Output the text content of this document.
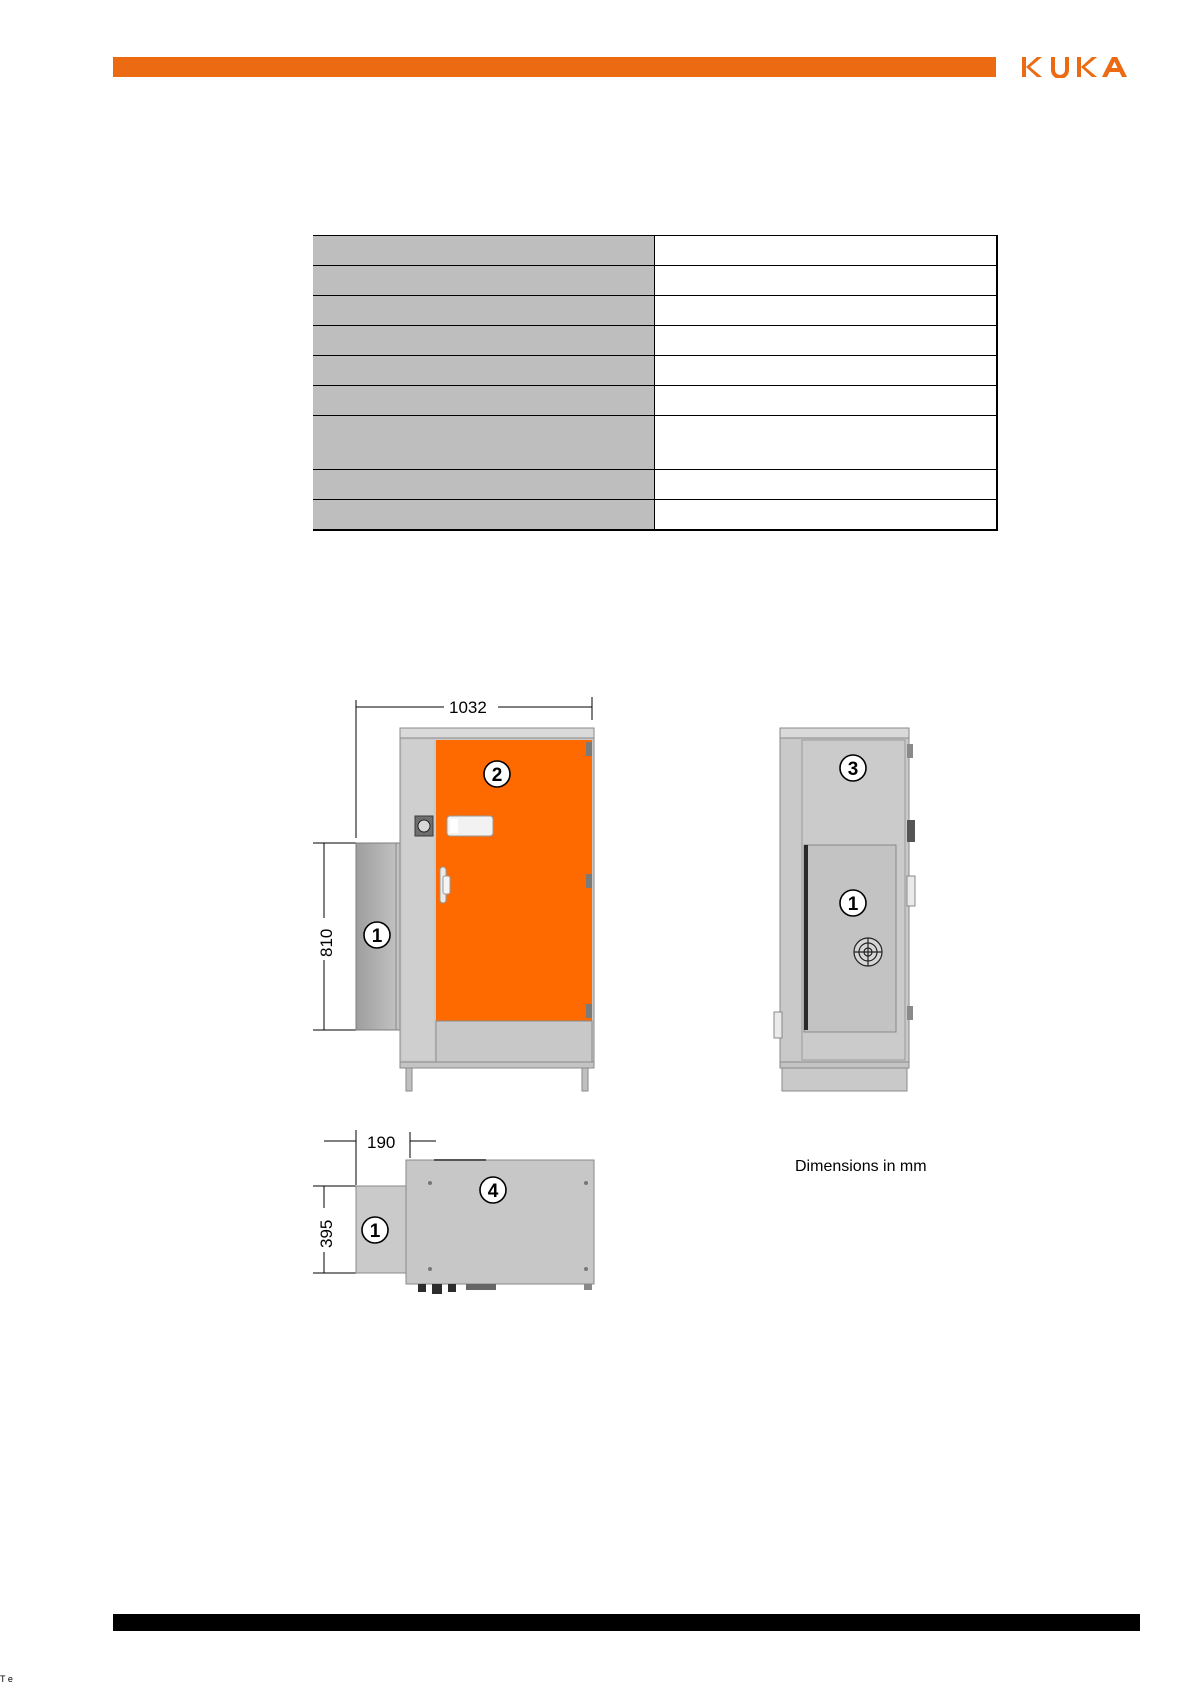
1032
810 1
2	3
1
190
395 1
4
Dimensions in mm
T e
